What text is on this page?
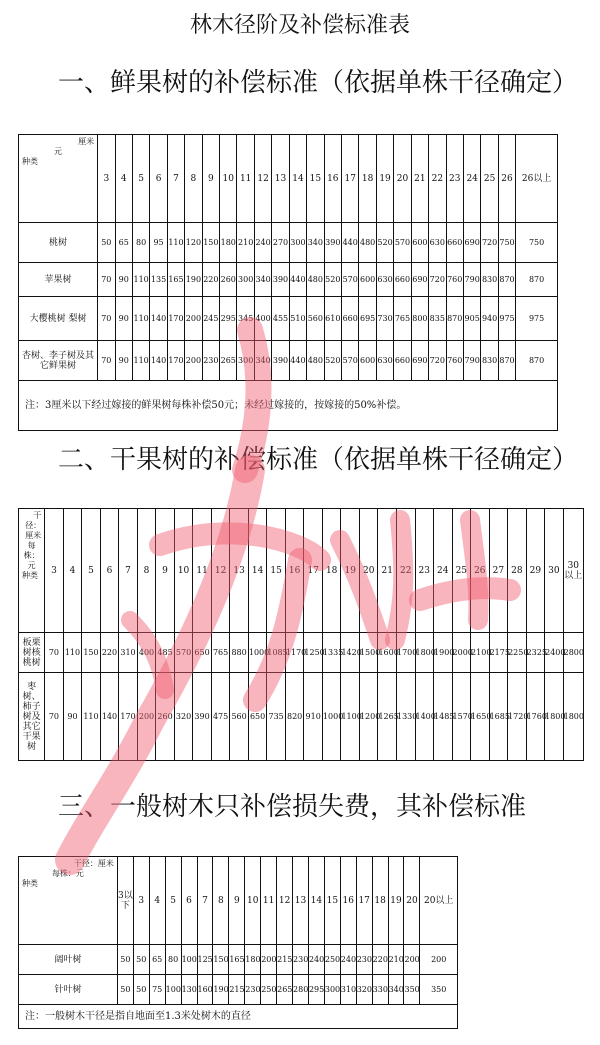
林木径阶及补偿标准表
一、鲜果树的补偿标准（依据单株干径确定）
厘米
元
种类	3	4	5	6	7	8	9	10	11	12	13	14	15	16	17	18	19	20	21	22	23	24	25	26	26以上
桃树	50	65	80	95	110	120	150	180	210	240	270	300	340	390	440	480	520	570	600	630	660	690	720	750	750
苹果树	70	90	110	135	165	190	220	260	300	340	390	440	480	520	570	600	630	660	690	720	760	790	830	870	870
大樱桃树 梨树	70	90	110	140	170	200	245	295	345	400	455	510	560	610	660	695	730	765	800	835	870	905	940	975	975
杏树、李子树及其它鲜果树	70	90	110	140	170	200	230	265	300	340	390	440	480	520	570	600	630	660	690	720	760	790	830	870	870
注：3厘米以下经过嫁接的鲜果树每株补偿50元；未经过嫁接的，按嫁接的50%补偿。																									
二、干果树的补偿标准（依据单株干径确定）
干径：厘米
每株：元
种类	3	4	5	6	7	8	9	10	11	12	13	14	15	16	17	18	19	20	21	22	23	24	25	26	27	28	29	30	30以上
板栗树核桃树	70	110	150	220	310	400	485	570	650	765	880	1000	1085	1170	1250	1335	1420	1500	1600	1700	1800	1900	2000	2100	2175	2250	2325	2400	2800
枣树、柿子树及其它干果树	70	90	110	140	170	200	260	320	390	475	560	650	735	820	910	1000	1100	1200	1265	1330	1400	1485	1570	1650	1685	1720	1760	1800	1800
三、一般树木只补偿损失费，其补偿标准
干径：厘米
每株：元
种类	3以下	3	4	5	6	7	8	9	10	11	12	13	14	15	16	17	18	19	20	20以上
阔叶树	50	50	65	80	100	125	150	165	180	200	215	230	240	250	240	230	220	210	200	200
针叶树	50	50	75	100	130	160	190	215	230	250	265	280	295	300	310	320	330	340	350	350
注：一般树木干径是指自地面至1.3米处树木的直径																				
